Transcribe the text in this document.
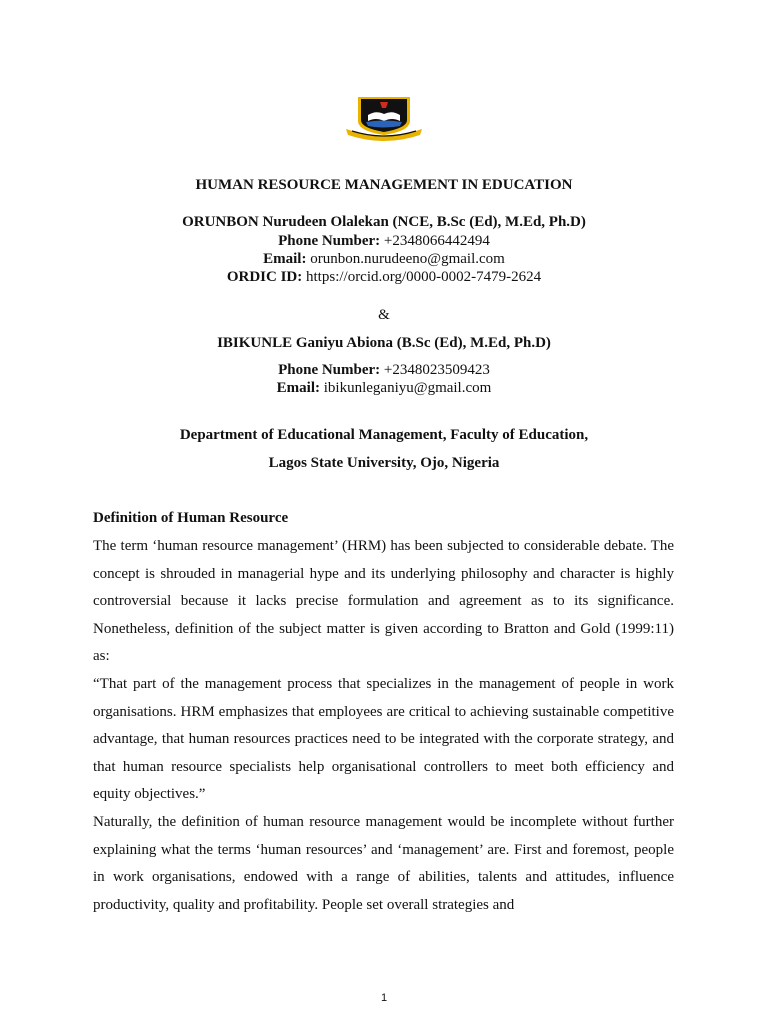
HUMAN RESOURCE MANAGEMENT IN EDUCATION
ORUNBON Nurudeen Olalekan (NCE, B.Sc (Ed), M.Ed, Ph.D)
Phone Number: +2348066442494
Email: orunbon.nurudeeno@gmail.com
ORDIC ID: https://orcid.org/0000-0002-7479-2624
&
IBIKUNLE Ganiyu Abiona (B.Sc (Ed), M.Ed, Ph.D)
Phone Number: +2348023509423
Email: ibikunleganiyu@gmail.com
Department of Educational Management, Faculty of Education,
Lagos State University, Ojo, Nigeria
Definition of Human Resource

The term ‘human resource management’ (HRM) has been subjected to considerable debate. The concept is shrouded in managerial hype and its underlying philosophy and character is highly controversial because it lacks precise formulation and agreement as to its significance. Nonetheless, definition of the subject matter is given according to Bratton and Gold (1999:11) as:

“That part of the management process that specializes in the management of people in work organisations. HRM emphasizes that employees are critical to achieving sustainable competitive advantage, that human resources practices need to be integrated with the corporate strategy, and that human resource specialists help organisational controllers to meet both efficiency and equity objectives.”

Naturally, the definition of human resource management would be incomplete without further explaining what the terms ‘human resources’ and ‘management’ are. First and foremost, people in work organisations, endowed with a range of abilities, talents and attitudes, influence productivity, quality and profitability. People set overall strategies and

1
